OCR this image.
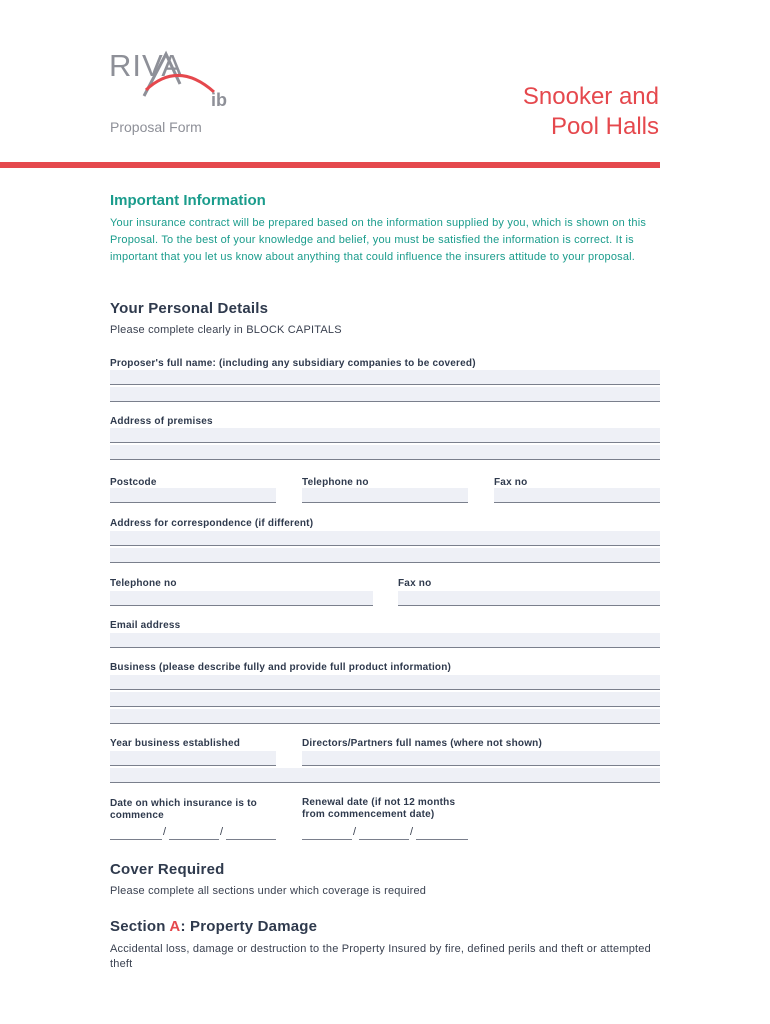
RIVA
ib
Proposal Form
Snooker and
Pool Halls
Important Information
Your insurance contract will be prepared based on the information supplied by you, which is shown on this Proposal. To the best of your knowledge and belief, you must be satisfied the information is correct. It is important that you let us know about anything that could influence the insurers attitude to your proposal.
Your Personal Details
Please complete clearly in BLOCK CAPITALS
Proposer's full name: (including any subsidiary companies to be covered)
Address of premises
Postcode	Telephone no	Fax no
Address for correspondence (if different)
Telephone no	Fax no
Email address
Business (please describe fully and provide full product information)
Year business established	Directors/Partners full names (where not shown)
Date on which insurance is to
commence
/	/
Renewal date (if not 12 months
from commencement date)
/	/
Cover Required
Please complete all sections under which coverage is required
Section A: Property Damage
Accidental loss, damage or destruction to the Property Insured by fire, defined perils and theft or attempted theft
